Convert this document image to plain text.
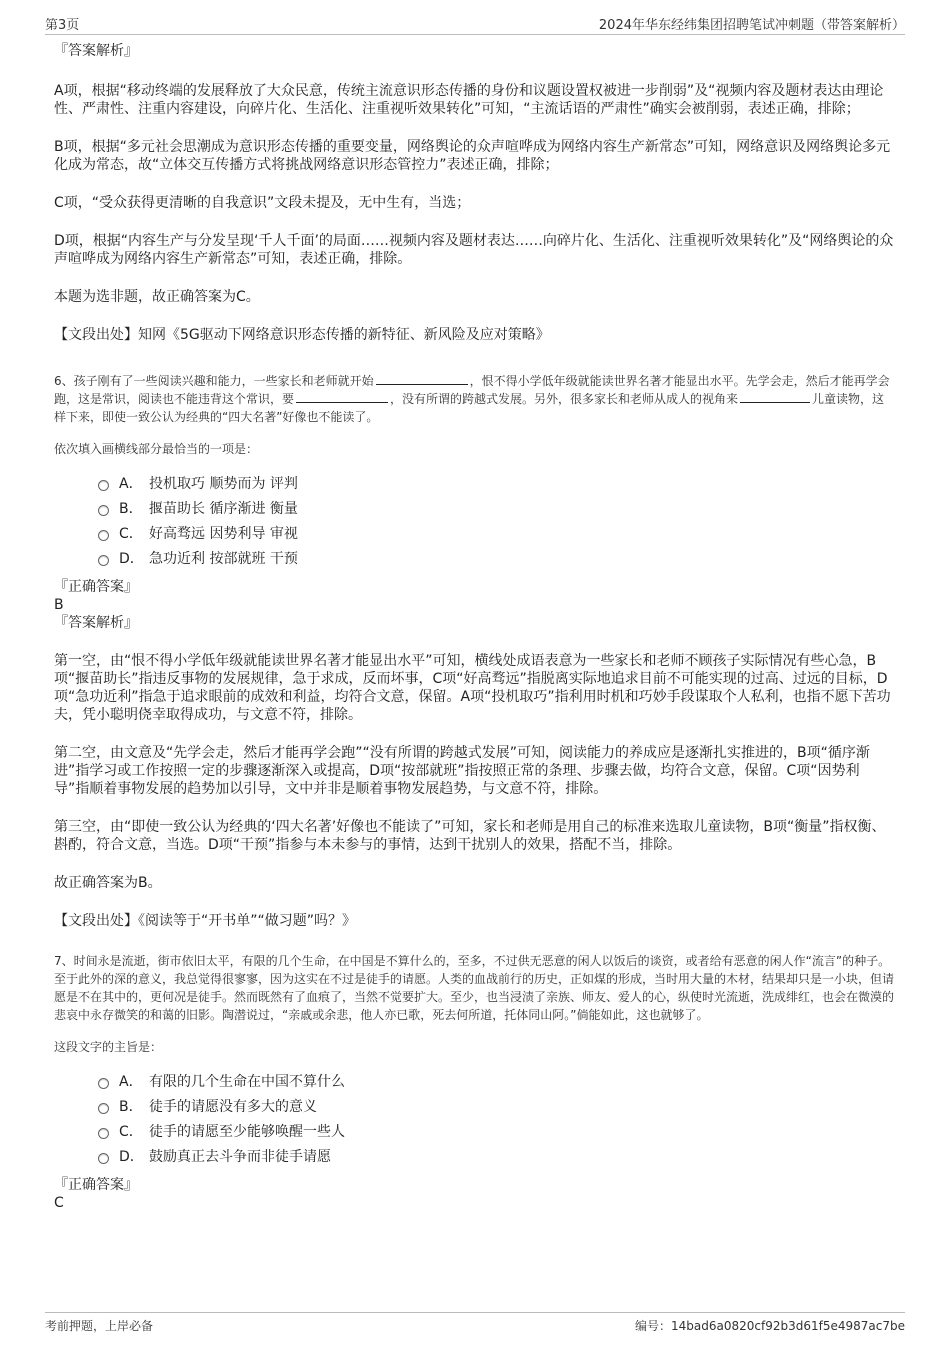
第3页	2024年华东经纬集团招聘笔试冲刺题（带答案解析）

『答案解析』

A项，根据“移动终端的发展释放了大众民意，传统主流意识形态传播的身份和议题设置权被进一步削弱”及“视频内容及题材表达由理论性、严肃性、注重内容建设，向碎片化、生活化、注重视听效果转化”可知，“主流话语的严肃性”确实会被削弱，表述正确，排除；

B项，根据“多元社会思潮成为意识形态传播的重要变量，网络舆论的众声喧哗成为网络内容生产新常态”可知，网络意识及网络舆论多元化成为常态，故“立体交互传播方式将挑战网络意识形态管控力”表述正确，排除；

C项，“受众获得更清晰的自我意识”文段未提及，无中生有，当选；

D项，根据“内容生产与分发呈现‘千人千面’的局面……视频内容及题材表达……向碎片化、生活化、注重视听效果转化”及“网络舆论的众声喧哗成为网络内容生产新常态”可知，表述正确，排除。

本题为选非题，故正确答案为C。

【文段出处】知网《5G驱动下网络意识形态传播的新特征、新风险及应对策略》

6、孩子刚有了一些阅读兴趣和能力，一些家长和老师就开始	，恨不得小学低年级就能读世界名著才能显出水平。先学会走，然后才能再学会跑，这是常识，阅读也不能违背这个常识，要	，没有所谓的跨越式发展。另外，很多家长和老师从成人的视角来	儿童读物，这样下来，即使一致公认为经典的“四大名著”好像也不能读了。

依次填入画横线部分最恰当的一项是：

A． 投机取巧 顺势而为 评判
B． 揠苗助长 循序渐进 衡量
C． 好高骛远 因势利导 审视
D． 急功近利 按部就班 干预

『正确答案』

B

『答案解析』

第一空，由“恨不得小学低年级就能读世界名著才能显出水平”可知，横线处成语表意为一些家长和老师不顾孩子实际情况有些心急，B项“揠苗助长”指违反事物的发展规律，急于求成，反而坏事，C项“好高骛远”指脱离实际地追求目前不可能实现的过高、过远的目标，D项“急功近利”指急于追求眼前的成效和利益，均符合文意，保留。A项“投机取巧”指利用时机和巧妙手段谋取个人私利，也指不愿下苦功夫，凭小聪明侥幸取得成功，与文意不符，排除。

第二空，由文意及“先学会走，然后才能再学会跑”“没有所谓的跨越式发展”可知，阅读能力的养成应是逐渐扎实推进的，B项“循序渐进”指学习或工作按照一定的步骤逐渐深入或提高，D项“按部就班”指按照正常的条理、步骤去做，均符合文意，保留。C项“因势利导”指顺着事物发展的趋势加以引导，文中并非是顺着事物发展趋势，与文意不符，排除。

第三空，由“即使一致公认为经典的‘四大名著’好像也不能读了”可知，家长和老师是用自己的标准来选取儿童读物，B项“衡量”指权衡、斟酌，符合文意，当选。D项“干预”指参与本未参与的事情，达到干扰别人的效果，搭配不当，排除。

故正确答案为B。

【文段出处】《阅读等于“开书单”“做习题”吗？》

7、时间永是流逝，街市依旧太平，有限的几个生命，在中国是不算什么的，至多，不过供无恶意的闲人以饭后的谈资，或者给有恶意的闲人作“流言”的种子。至于此外的深的意义，我总觉得很寥寥，因为这实在不过是徒手的请愿。人类的血战前行的历史，正如煤的形成，当时用大量的木材，结果却只是一小块，但请愿是不在其中的，更何况是徒手。然而既然有了血痕了，当然不觉要扩大。至少，也当浸渍了亲族、师友、爱人的心，纵使时光流逝，洗成绯红，也会在微漠的悲哀中永存微笑的和蔼的旧影。陶潜说过，“亲戚或余悲，他人亦已歌，死去何所道，托体同山阿。”倘能如此，这也就够了。

这段文字的主旨是：

A． 有限的几个生命在中国不算什么
B． 徒手的请愿没有多大的意义
C． 徒手的请愿至少能够唤醒一些人
D． 鼓励真正去斗争而非徒手请愿

『正确答案』

C

考前押题，上岸必备	编号：14bad6a0820cf92b3d61f5e4987ac7be
